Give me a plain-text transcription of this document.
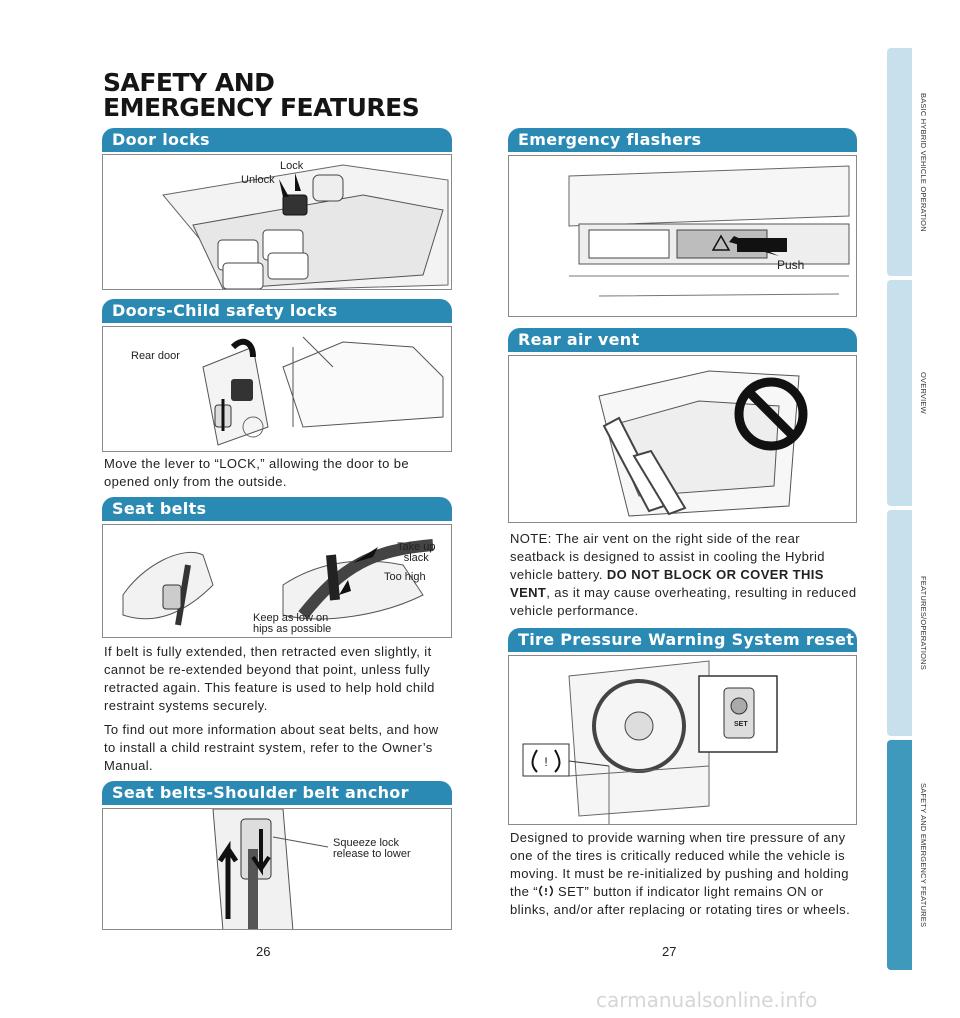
SAFETY AND
EMERGENCY FEATURES
Door locks
Lock
Unlock
Doors-Child safety locks
Rear door

Move the lever to “LOCK,” allowing the door to be opened only from the outside.

Seat belts
Take up
slack
Too high
Keep as low on
hips as possible

If belt is fully extended, then retracted even slightly, it cannot be re-extended beyond that point, unless fully retracted again. This feature is used to help hold child restraint systems securely.

To find out more information about seat belts, and how to install a child restraint system, refer to the Owner’s Manual.

Seat belts-Shoulder belt anchor
Squeeze lock
release to lower
26
Emergency flashers
Push
Rear air vent
NOTE: The air vent on the right side of the rear seatback is designed to assist in cooling the Hybrid vehicle battery. DO NOT BLOCK OR COVER THIS VENT, as it may cause overheating, resulting in reduced vehicle performance.
Tire Pressure Warning System reset
!
SET
Designed to provide warning when tire pressure of any one of the tires is critically reduced while the vehicle is moving. It must be re-initialized by pushing and holding the “ SET” button if indicator light remains ON or blinks, and/or after replacing or rotating tires or wheels.
27
BASIC HYBRID VEHICLE OPERATION
OVERVIEW
FEATURES/OPERATIONS
SAFETY AND EMERGENCY FEATURES
carmanualsonline.info
